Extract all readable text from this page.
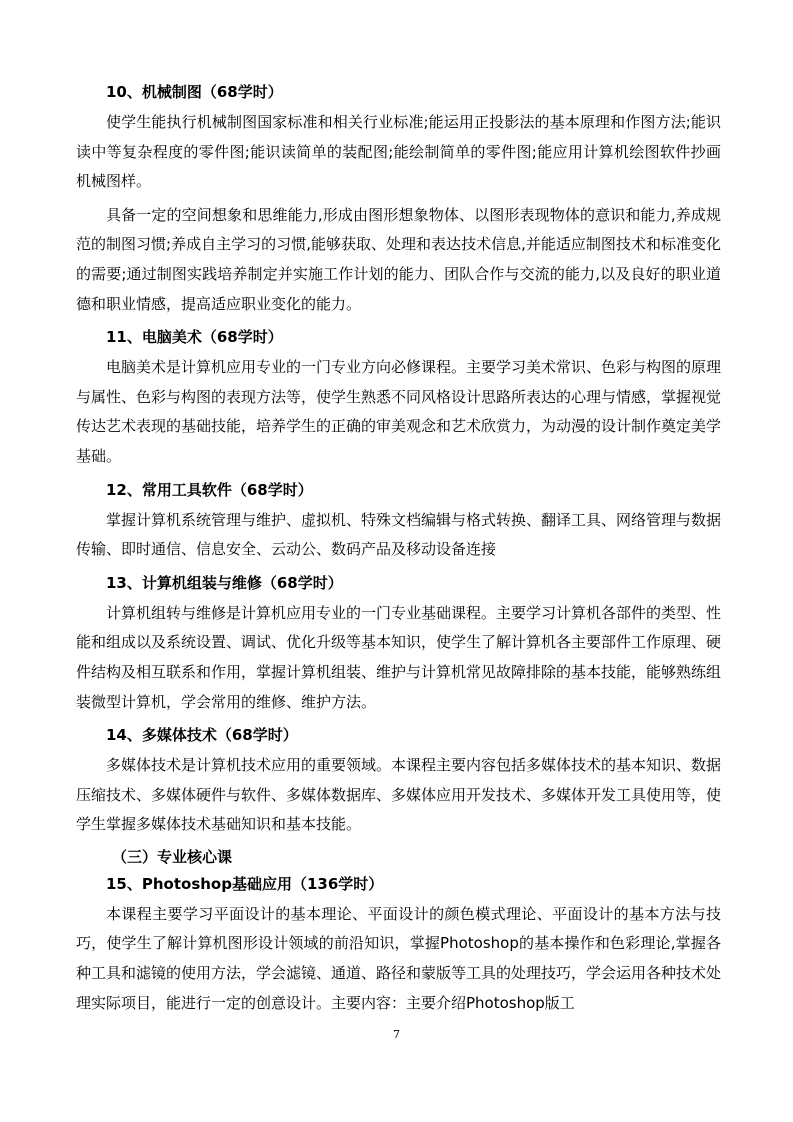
10、机械制图（68学时）

使学生能执行机械制图国家标准和相关行业标准;能运用正投影法的基本原理和作图方法;能识读中等复杂程度的零件图;能识读简单的装配图;能绘制简单的零件图;能应用计算机绘图软件抄画机械图样。

具备一定的空间想象和思维能力,形成由图形想象物体、以图形表现物体的意识和能力,养成规范的制图习惯;养成自主学习的习惯,能够获取、处理和表达技术信息,并能适应制图技术和标准变化的需要;通过制图实践培养制定并实施工作计划的能力、团队合作与交流的能力,以及良好的职业道德和职业情感，提高适应职业变化的能力。

11、电脑美术（68学时）

电脑美术是计算机应用专业的一门专业方向必修课程。主要学习美术常识、色彩与构图的原理与属性、色彩与构图的表现方法等，使学生熟悉不同风格设计思路所表达的心理与情感，掌握视觉传达艺术表现的基础技能，培养学生的正确的审美观念和艺术欣赏力，为动漫的设计制作奠定美学基础。

12、常用工具软件（68学时）

掌握计算机系统管理与维护、虚拟机、特殊文档编辑与格式转换、翻译工具、网络管理与数据传输、即时通信、信息安全、云动公、数码产品及移动设备连接

13、计算机组装与维修（68学时）

计算机组转与维修是计算机应用专业的一门专业基础课程。主要学习计算机各部件的类型、性能和组成以及系统设置、调试、优化升级等基本知识，使学生了解计算机各主要部件工作原理、硬件结构及相互联系和作用，掌握计算机组装、维护与计算机常见故障排除的基本技能，能够熟练组装微型计算机，学会常用的维修、维护方法。

14、多媒体技术（68学时）

多媒体技术是计算机技术应用的重要领域。本课程主要内容包括多媒体技术的基本知识、数据压缩技术、多媒体硬件与软件、多媒体数据库、多媒体应用开发技术、多媒体开发工具使用等，使学生掌握多媒体技术基础知识和基本技能。

（三）专业核心课
15、Photoshop基础应用（136学时）

本课程主要学习平面设计的基本理论、平面设计的颜色模式理论、平面设计的基本方法与技巧，使学生了解计算机图形设计领域的前沿知识，掌握Photoshop的基本操作和色彩理论,掌握各种工具和滤镜的使用方法，学会滤镜、通道、路径和蒙版等工具的处理技巧，学会运用各种技术处理实际项目，能进行一定的创意设计。主要内容：主要介绍Photoshop版工

7
